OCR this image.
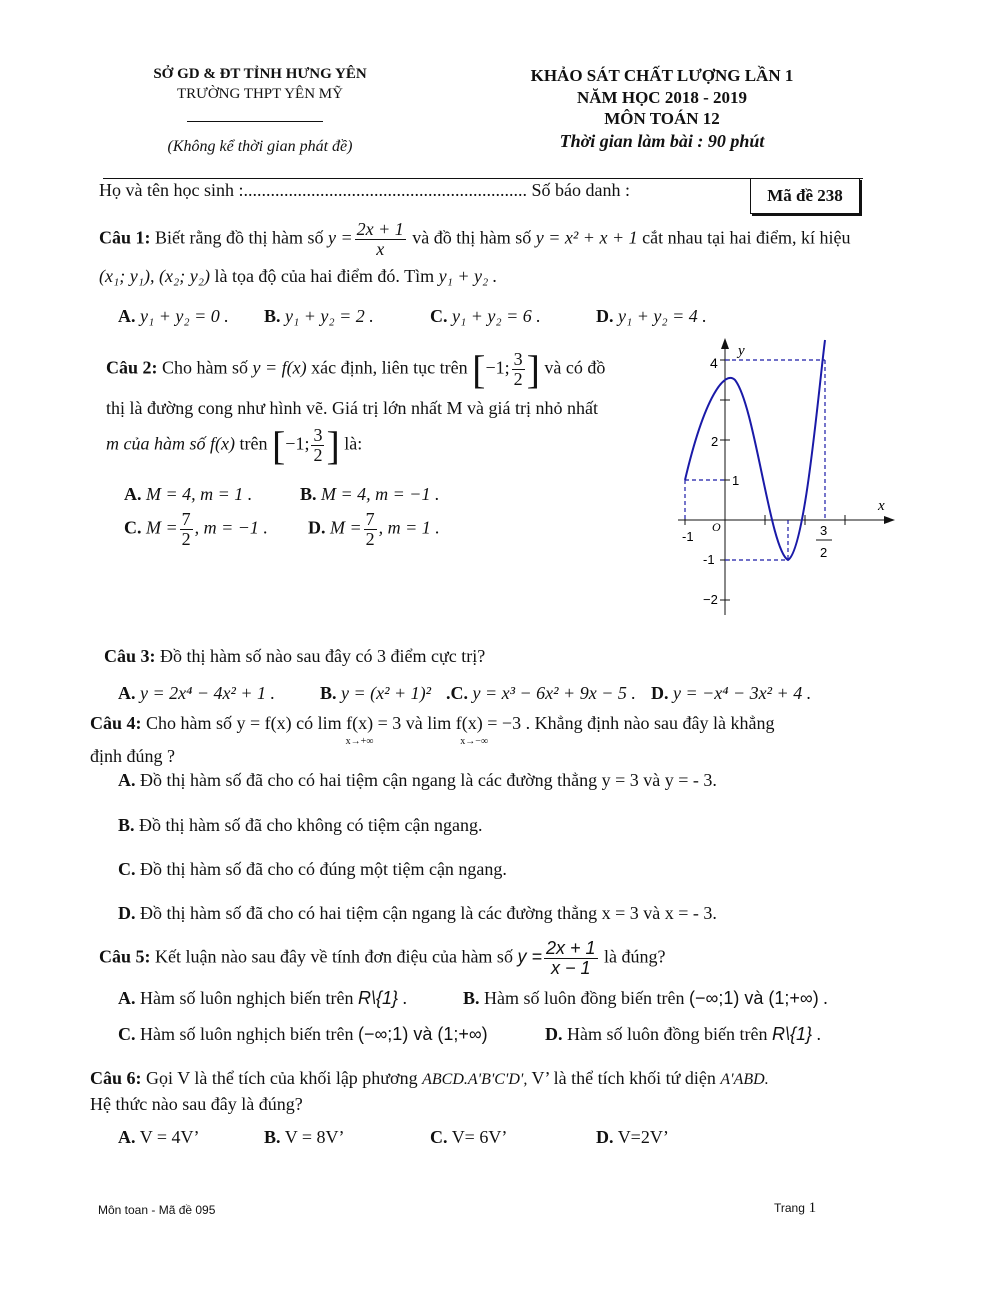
SỞ GD & ĐT TỈNH HƯNG YÊN
TRƯỜNG THPT YÊN MỸ
(Không kể thời gian phát đề)
KHẢO SÁT CHẤT LƯỢNG LẦN 1
NĂM HỌC 2018 - 2019
MÔN TOÁN 12
Thời gian làm bài : 90 phút
Họ và tên học sinh :............................................................... Số báo danh :	Mã đề 238
Câu 1: Biết rằng đồ thị hàm số $y = \frac{2x + 1}{x}$ và đồ thị hàm số y = x² + x + 1 cắt nhau tại hai điểm, kí hiệu
(x₁; y₁), (x₂; y₂) là tọa độ của hai điểm đó. Tìm y₁ + y₂ .
A. y₁ + y₂ = 0 . B. y₁ + y₂ = 2 .	C. y₁ + y₂ = 6 .	D. y₁ + y₂ = 4 .
Câu 2: Cho hàm số y = f(x) xác định, liên tục trên [−1; $\frac{3}{2}$ ] và có đồ
thị là đường cong như hình vẽ. Giá trị lớn nhất M và giá trị nhỏ nhất
m của hàm số f(x) trên [−1; $\frac{3}{2}$ ] là:
A. M = 4, m = 1 .	B. M = 4, m = −1 .
C. $M = \frac{7}{2}$ , m = −1 . D. $M = \frac{7}{2}$ , m = 1 .
y
x
O
4
2
1
-1
−2
-1	3
2
Câu 3: Đồ thị hàm số nào sau đây có 3 điểm cực trị?
A. y = 2x⁴ − 4x² + 1 . B. y = (x² + 1)² .C. y = x³ − 6x² + 9x − 5 . D. y = −x⁴ − 3x² + 4 .
Câu 4: Cho hàm số y = f(x) có lim f(x) = 3
$^{x\to+\infty}$ và lim f(x) = −3
$^{x\to-\infty}$ . Khẳng định nào sau đây là khẳng
định đúng ?
A. Đồ thị hàm số đã cho có hai tiệm cận ngang là các đường thẳng y = 3 và y = - 3.
B. Đồ thị hàm số đã cho không có tiệm cận ngang.
C. Đồ thị hàm số đã cho có đúng một tiệm cận ngang.
D. Đồ thị hàm số đã cho có hai tiệm cận ngang là các đường thẳng x = 3 và x = - 3.
Câu 5: Kết luận nào sau đây về tính đơn điệu của hàm số $y = \frac{2x + 1}{x - 1}$ là đúng?
A. Hàm số luôn nghịch biến trên R\{1} .	B. Hàm số luôn đồng biến trên (−∞;1) và (1;+∞) .
C. Hàm số luôn nghịch biến trên (−∞;1) và (1;+∞)	D. Hàm số luôn đồng biến trên R\{1} .
Câu 6: Gọi V là thể tích của khối lập phương ABCD.A'B'C'D', V’ là thể tích khối tứ diện A'ABD.
Hệ thức nào sau đây là đúng?
A. V = 4V’	B. V = 8V’	C. V= 6V’	D. V=2V’
Môn toan - Mã đề 095	Trang 1
